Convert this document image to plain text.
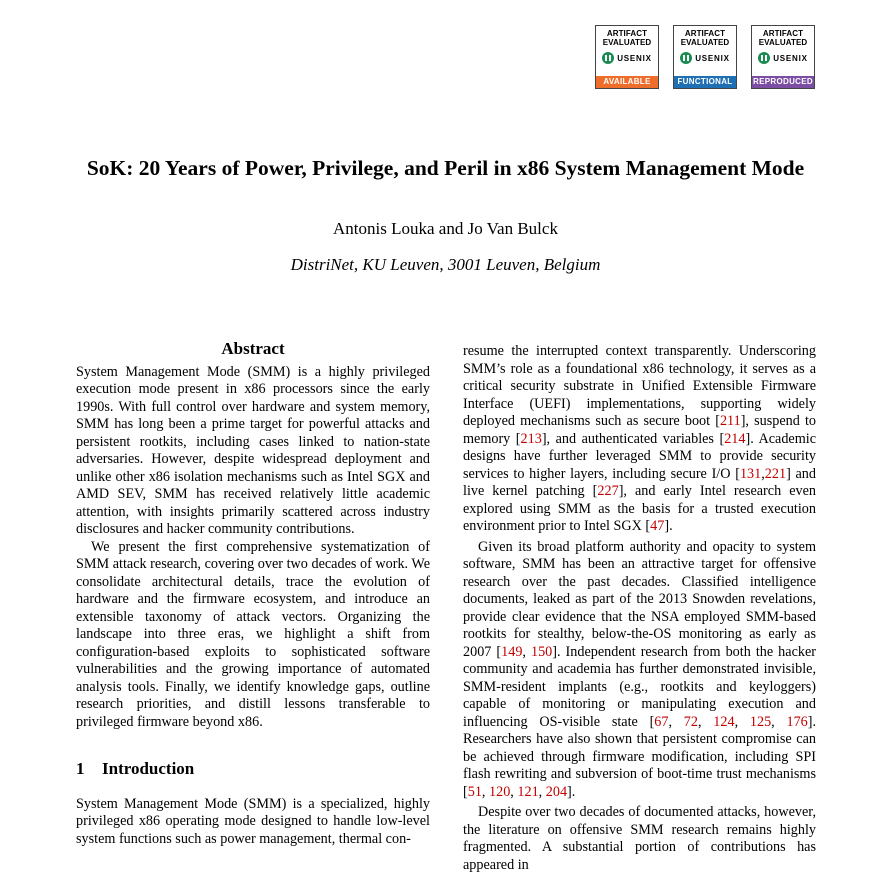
ARTIFACT
EVALUATED
USENIX
AVAILABLE
ARTIFACT
EVALUATED
USENIX
FUNCTIONAL
ARTIFACT
EVALUATED
USENIX
REPRODUCED
SoK: 20 Years of Power, Privilege, and Peril in x86 System Management Mode
Antonis Louka and Jo Van Bulck
DistriNet, KU Leuven, 3001 Leuven, Belgium
Abstract

System Management Mode (SMM) is a highly privileged execution mode present in x86 processors since the early 1990s. With full control over hardware and system memory, SMM has long been a prime target for powerful attacks and persistent rootkits, including cases linked to nation-state adversaries. However, despite widespread deployment and unlike other x86 isolation mechanisms such as Intel SGX and AMD SEV, SMM has received relatively little academic attention, with insights primarily scattered across industry disclosures and hacker community contributions.

We present the first comprehensive systematization of SMM attack research, covering over two decades of work. We consolidate architectural details, trace the evolution of hardware and the firmware ecosystem, and introduce an extensible taxonomy of attack vectors. Organizing the landscape into three eras, we highlight a shift from configuration-based exploits to sophisticated software vulnerabilities and the growing importance of automated analysis tools. Finally, we identify knowledge gaps, outline research priorities, and distill lessons transferable to privileged firmware beyond x86.

1 Introduction

System Management Mode (SMM) is a specialized, highly privileged x86 operating mode designed to handle low-level system functions such as power management, thermal con-

resume the interrupted context transparently. Underscoring SMM’s role as a foundational x86 technology, it serves as a critical security substrate in Unified Extensible Firmware Interface (UEFI) implementations, supporting widely deployed mechanisms such as secure boot [211], suspend to memory [213], and authenticated variables [214]. Academic designs have further leveraged SMM to provide security services to higher layers, including secure I/O [131,221] and live kernel patching [227], and early Intel research even explored using SMM as the basis for a trusted execution environment prior to Intel SGX [47].

Given its broad platform authority and opacity to system software, SMM has been an attractive target for offensive research over the past decades. Classified intelligence documents, leaked as part of the 2013 Snowden revelations, provide clear evidence that the NSA employed SMM-based rootkits for stealthy, below-the-OS monitoring as early as 2007 [149, 150]. Independent research from both the hacker community and academia has further demonstrated invisible, SMM-resident implants (e.g., rootkits and keyloggers) capable of monitoring or manipulating execution and influencing OS-visible state [67, 72, 124, 125, 176]. Researchers have also shown that persistent compromise can be achieved through firmware modification, including SPI flash rewriting and subversion of boot-time trust mechanisms [51, 120, 121, 204].

Despite over two decades of documented attacks, however, the literature on offensive SMM research remains highly fragmented. A substantial portion of contributions has appeared in
